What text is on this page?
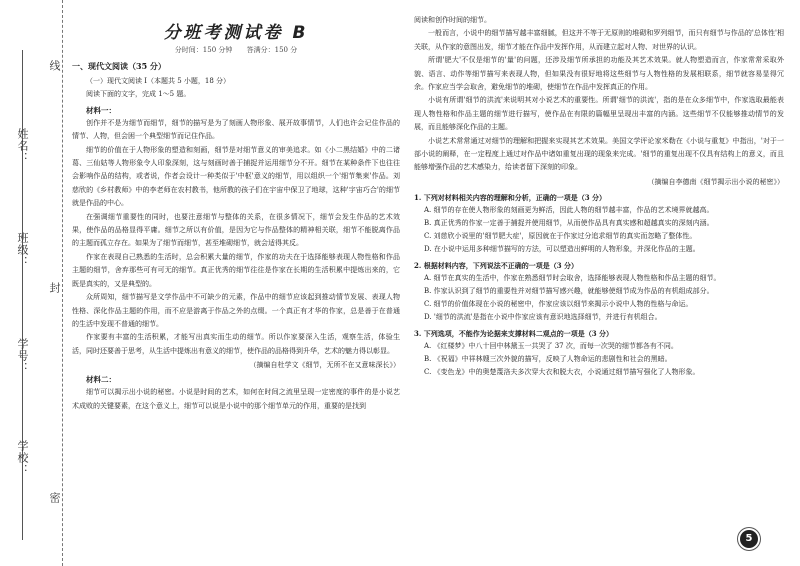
姓名：
班级：
学号：
学校：
线
封
密
分班考测试卷 B
分时间：150 分钟 答满分：150 分
一、现代文阅读（35 分）

（一）现代文阅读 Ⅰ（本题共 5 小题，18 分）

阅读下面的文字，完成 1～5 题。

材料一：

创作并不是为细节而细节，细节的描写是为了刻画人物形象、展开故事情节，人们也许会记住作品的情节、人物，但会困一个典型细节而记住作品。

细节的价值在于人物形象的塑造和刻画，细节是对细节意义的审美追求。如《小二黑结婚》中的二诸葛、三仙姑等人物形象令人印象深刻，这与刻画时善于捕捉并运用细节分不开。细节在某种条件下也往往会影响作品的结构，或者说，作者会设计一种类似于'中枢'意义的细节，用以组织一个'细节集束'作品。刘慈欣的《乡村教师》中的李老师在农村教书，他所教的孩子们在宇宙中保卫了地球，这种'宇宙巧合'的细节就是作品的中心。

在强调细节重要性的同时，也要注意细节与整体的关系，在很多情况下，细节会发生作品的艺术效果，使作品的品格显得平庸。细节之所以有价值，是因为它与作品整体的精神相关联，细节不能脱离作品的主题而孤立存在。如果为了细节而细节，甚至堆砌细节，就会适得其反。

作家在表现自己熟悉的生活时，总会积累大量的细节，作家的功夫在于选择能够表现人物性格和作品主题的细节，舍弃那些可有可无的细节。真正优秀的细节往往是作家在长期的生活积累中提炼出来的，它既是真实的，又是典型的。

众所周知，细节描写是文学作品中不可缺少的元素，作品中的细节应该起到推动情节发展、表现人物性格、深化作品主题的作用，而不应是游离于作品之外的点缀。一个真正有才华的作家，总是善于在普通的生活中发现不普通的细节。

作家要有丰富的生活积累，才能写出真实而生动的细节。所以作家要深入生活，观察生活，体验生活，同时还要善于思考，从生活中提炼出有意义的细节，使作品的品格得到升华，艺术的魅力得以彰显。

（摘编自杜学文《细节，无所不在又意味深长》）
材料二：

细节可以揭示出小说的秘密。小说是时间的艺术，如何在时间之流里呈现一定密度的事件的是小说艺术成败的关键要素，在这个意义上，细节可以说是小说中的那个细节单元的作用，重要的是找到

阅读和创作时间的细节。

一般而言，小说中的细节描写越丰富细腻，但这并不等于无原则的堆砌和罗列细节，而只有细节与作品的'总体性'相关联，从作家的意图出发，细节才能在作品中发挥作用，从而建立起对人物、对世界的认识。

所谓'肥大'不仅是细节的'量'的问题，还涉及细节所承担的功能及其艺术效果。就人物塑造而言，作家常常采取外貌、语言、动作等细节描写来表现人物，但如果没有很好地将这些细节与人物性格的发展相联系，细节就容易显得冗余。作家应当学会取舍，避免细节的堆砌，使细节在作品中发挥真正的作用。

小说有所谓'细节的洪流'来说明其对小说艺术的重要性。所谓'细节的洪流'，指的是在众多细节中，作家选取最能表现人物性格和作品主题的细节进行描写，使作品在有限的篇幅里呈现出丰富的内涵。这些细节不仅能够推动情节的发展，而且能够深化作品的主题。

小说艺术常常通过对细节的理解和把握来实现其艺术效果。美国文学评论家米勒在《小说与重复》中指出，'对于一部小说的阐释，在一定程度上通过对作品中诸如重复出现的现象来完成。'细节的重复出现不仅具有结构上的意义，而且能够增强作品的艺术感染力，给读者留下深刻的印象。

（摘编自李德南《细节揭示出小说的秘密》）
1. 下列对材料相关内容的理解和分析，正确的一项是（3 分）
A. 细节的存在使人物形象的刻画更为鲜活，因此人物的细节越丰富，作品的艺术境界就越高。
B. 真正优秀的作家一定善于捕捉并使用细节，从而使作品具有真实感和超越真实的深刻内涵。
C. 刘慈欣小说里的'细节肥大症'，原因就在于作家过分追求细节的真实而忽略了整体性。
D. 在小说中运用多种细节描写的方法，可以塑造出鲜明的人物形象，并深化作品的主题。
2. 根据材料内容，下列说法不正确的一项是（3 分）
A. 细节在真实的生活中，作家在熟悉细节时会取舍，选择能够表现人物性格和作品主题的细节。
B. 作家认识到了细节的重要性并对细节描写感兴趣，就能够使细节成为作品的有机组成部分。
C. 细节的价值体现在小说的秘密中，作家应该以细节来揭示小说中人物的性格与命运。
D. '细节的洪流'是指在小说中作家应该有意识地选择细节，并进行有机组合。
3. 下列选项，不能作为论据来支撑材料二观点的一项是（3 分）
A. 《红楼梦》中八十回中林黛玉一共哭了 37 次，而每一次哭的细节都各有不同。
B. 《祝福》中祥林嫂三次外貌的描写，反映了人物命运的悲剧性和社会的黑暗。
C. 《变色龙》中的奥楚蔑洛夫多次穿大衣和脱大衣，小说通过细节描写强化了人物形象。
5
